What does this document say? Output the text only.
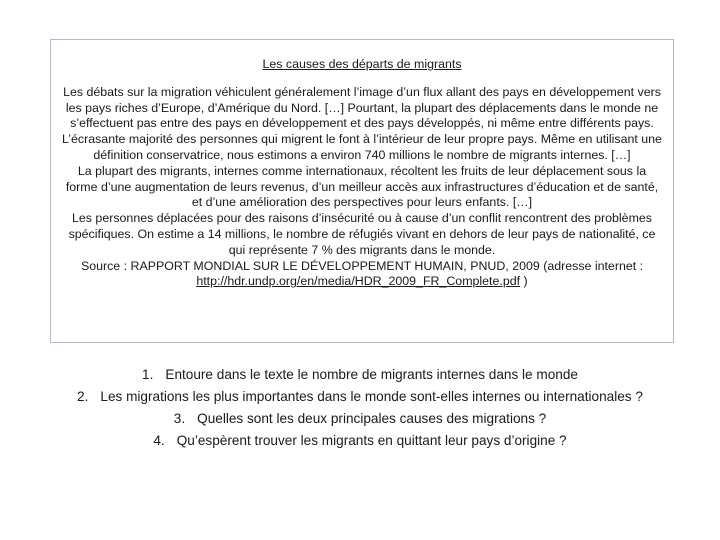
Les causes des départs de migrants

Les débats sur la migration véhiculent généralement l’image d’un flux allant des pays en développement vers les pays riches d’Europe, d’Amérique du Nord. […] Pourtant, la plupart des déplacements dans le monde ne s’effectuent pas entre des pays en développement et des pays développés, ni même entre différents pays. L’écrasante majorité des personnes qui migrent le font à l’intérieur de leur propre pays. Même en utilisant une définition conservatrice, nous estimons a environ 740 millions le nombre de migrants internes. […]

La plupart des migrants, internes comme internationaux, récoltent les fruits de leur déplacement sous la forme d’une augmentation de leurs revenus, d’un meilleur accès aux infrastructures d’éducation et de santé, et d’une amélioration des perspectives pour leurs enfants. […]

Les personnes déplacées pour des raisons d’insécurité ou à cause d’un conflit rencontrent des problèmes spécifiques. On estime a 14 millions, le nombre de réfugiés vivant en dehors de leur pays de nationalité, ce qui représente 7 % des migrants dans le monde.

Source : RAPPORT MONDIAL SUR LE DÉVELOPPEMENT HUMAIN, PNUD, 2009 (adresse internet :
http://hdr.undp.org/en/media/HDR_2009_FR_Complete.pdf )

1. Entoure dans le texte le nombre de migrants internes dans le monde

2. Les migrations les plus importantes dans le monde sont-elles internes ou internationales ?

3. Quelles sont les deux principales causes des migrations ?

4. Qu’espèrent trouver les migrants en quittant leur pays d’origine ?
